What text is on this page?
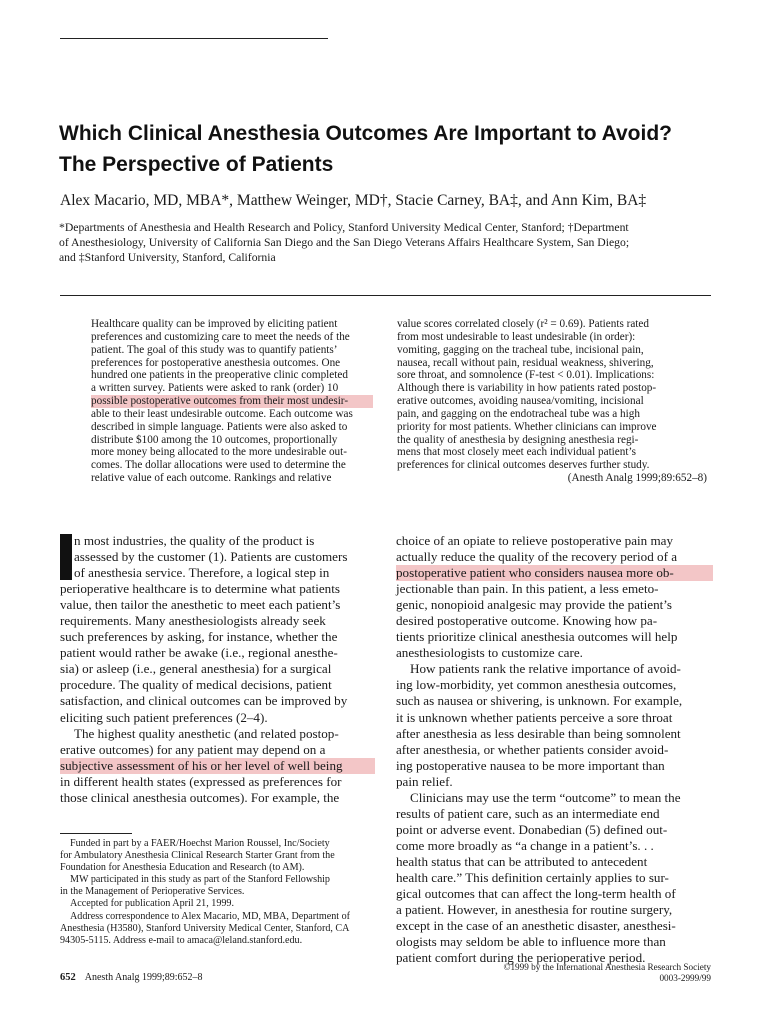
Which Clinical Anesthesia Outcomes Are Important to Avoid?
The Perspective of Patients
Alex Macario, MD, MBA*, Matthew Weinger, MD†, Stacie Carney, BA‡, and Ann Kim, BA‡
*Departments of Anesthesia and Health Research and Policy, Stanford University Medical Center, Stanford; †Department
of Anesthesiology, University of California San Diego and the San Diego Veterans Affairs Healthcare System, San Diego;
and ‡Stanford University, Stanford, California
Healthcare quality can be improved by eliciting patient
preferences and customizing care to meet the needs of the
patient. The goal of this study was to quantify patients’
preferences for postoperative anesthesia outcomes. One
hundred one patients in the preoperative clinic completed
a written survey. Patients were asked to rank (order) 10
possible postoperative outcomes from their most undesir-
able to their least undesirable outcome. Each outcome was
described in simple language. Patients were also asked to
distribute $100 among the 10 outcomes, proportionally
more money being allocated to the more undesirable out-
comes. The dollar allocations were used to determine the
relative value of each outcome. Rankings and relative
value scores correlated closely (r² = 0.69). Patients rated
from most undesirable to least undesirable (in order):
vomiting, gagging on the tracheal tube, incisional pain,
nausea, recall without pain, residual weakness, shivering,
sore throat, and somnolence (F-test < 0.01). Implications:
Although there is variability in how patients rated postop-
erative outcomes, avoiding nausea/vomiting, incisional
pain, and gagging on the endotracheal tube was a high
priority for most patients. Whether clinicians can improve
the quality of anesthesia by designing anesthesia regi-
mens that most closely meet each individual patient’s
preferences for clinical outcomes deserves further study.
(Anesth Analg 1999;89:652–8)
n most industries, the quality of the product is
assessed by the customer (1). Patients are customers
of anesthesia service. Therefore, a logical step in
perioperative healthcare is to determine what patients
value, then tailor the anesthetic to meet each patient’s
requirements. Many anesthesiologists already seek
such preferences by asking, for instance, whether the
patient would rather be awake (i.e., regional anesthe-
sia) or asleep (i.e., general anesthesia) for a surgical
procedure. The quality of medical decisions, patient
satisfaction, and clinical outcomes can be improved by
eliciting such patient preferences (2–4).
The highest quality anesthetic (and related postop-
erative outcomes) for any patient may depend on a
subjective assessment of his or her level of well being
in different health states (expressed as preferences for
those clinical anesthesia outcomes). For example, the
choice of an opiate to relieve postoperative pain may
actually reduce the quality of the recovery period of a
postoperative patient who considers nausea more ob-
jectionable than pain. In this patient, a less emeto-
genic, nonopioid analgesic may provide the patient’s
desired postoperative outcome. Knowing how pa-
tients prioritize clinical anesthesia outcomes will help
anesthesiologists to customize care.
How patients rank the relative importance of avoid-
ing low-morbidity, yet common anesthesia outcomes,
such as nausea or shivering, is unknown. For example,
it is unknown whether patients perceive a sore throat
after anesthesia as less desirable than being somnolent
after anesthesia, or whether patients consider avoid-
ing postoperative nausea to be more important than
pain relief.
Clinicians may use the term “outcome” to mean the
results of patient care, such as an intermediate end
point or adverse event. Donabedian (5) defined out-
come more broadly as “a change in a patient’s. . .
health status that can be attributed to antecedent
health care.” This definition certainly applies to sur-
gical outcomes that can affect the long-term health of
a patient. However, in anesthesia for routine surgery,
except in the case of an anesthetic disaster, anesthesi-
ologists may seldom be able to influence more than
patient comfort during the perioperative period.
Funded in part by a FAER/Hoechst Marion Roussel, Inc/Society
for Ambulatory Anesthesia Clinical Research Starter Grant from the
Foundation for Anesthesia Education and Research (to AM).
MW participated in this study as part of the Stanford Fellowship
in the Management of Perioperative Services.
Accepted for publication April 21, 1999.
Address correspondence to Alex Macario, MD, MBA, Department of
Anesthesia (H3580), Stanford University Medical Center, Stanford, CA
94305-5115. Address e-mail to amaca@leland.stanford.edu.
652 Anesth Analg 1999;89:652–8
©1999 by the International Anesthesia Research Society
0003-2999/99
